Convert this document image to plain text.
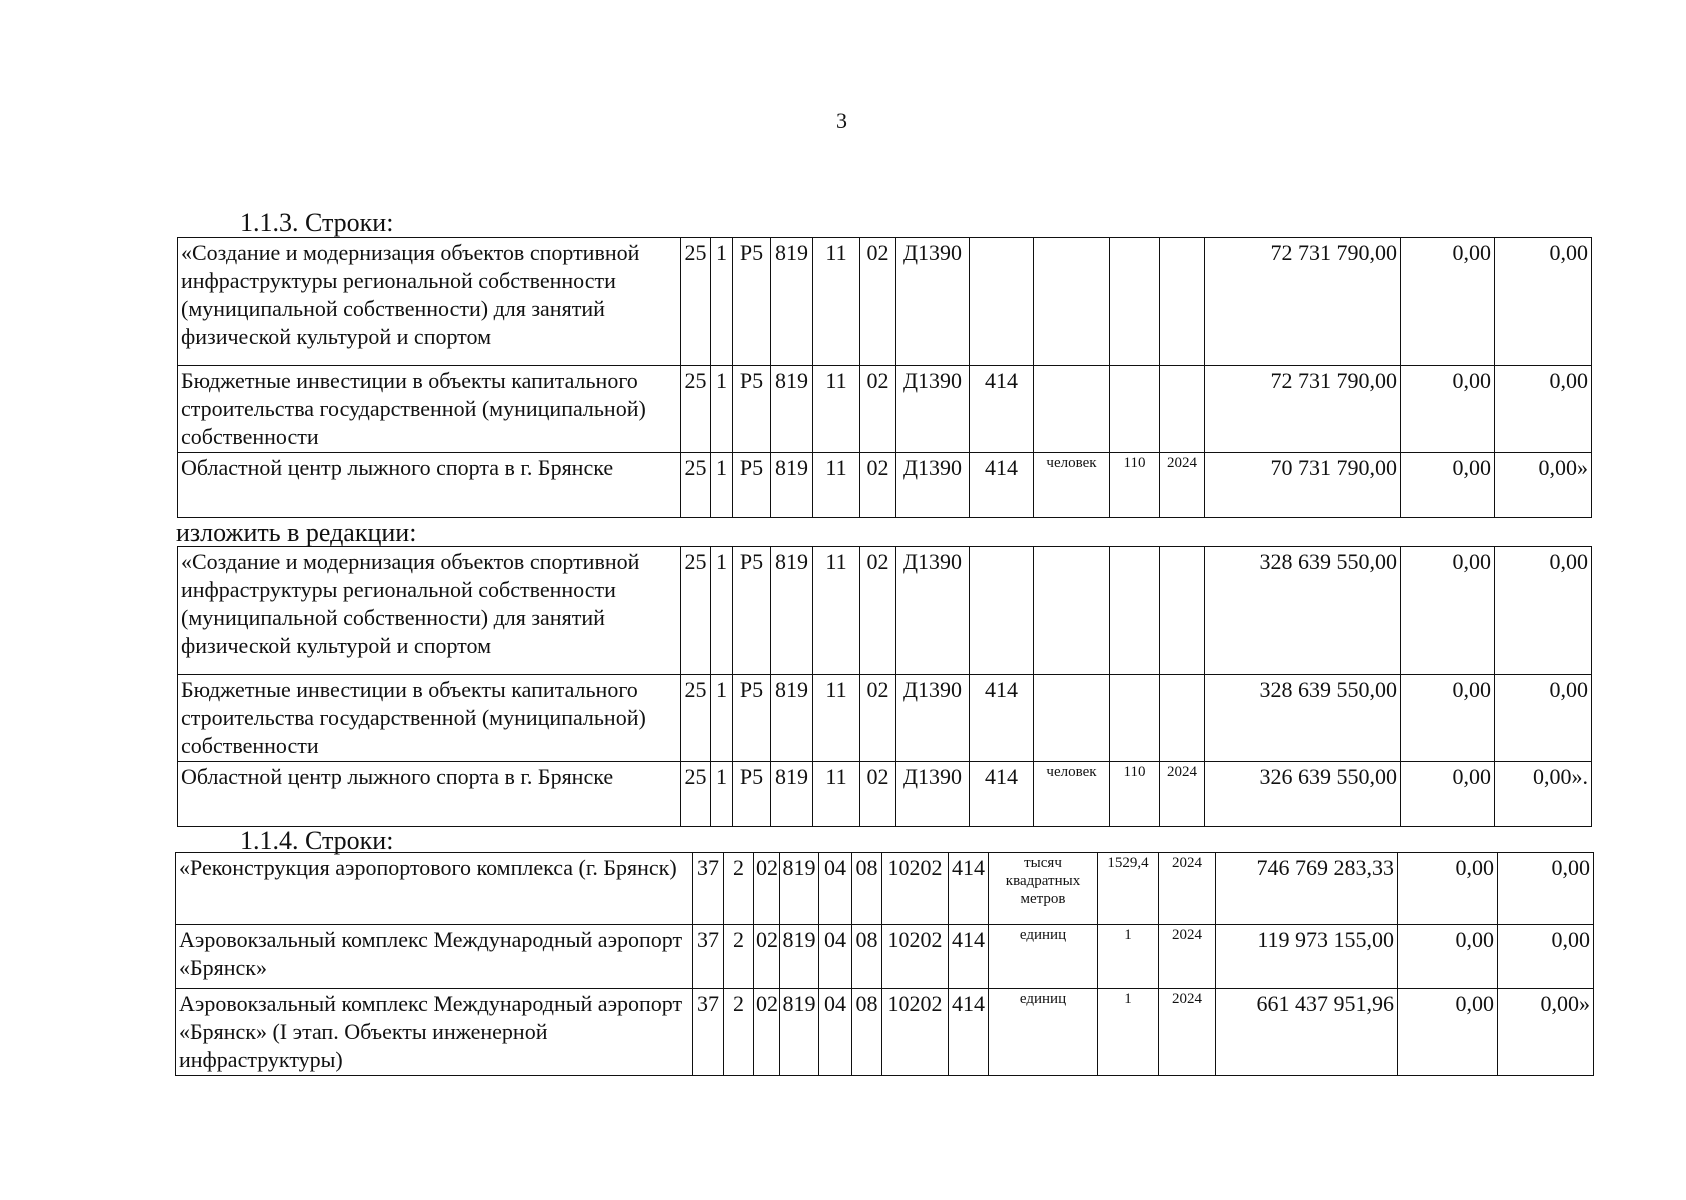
3
1.1.3. Строки:
«Создание и модернизация объектов спортивной инфраструктуры региональной собственности (муниципальной собственности) для занятий физической культурой и спортом	25	1	Р5	819	11	02	Д1390					72 731 790,00	0,00	0,00
Бюджетные инвестиции в объекты капитального строительства государственной (муниципальной) собственности	25	1	Р5	819	11	02	Д1390	414				72 731 790,00	0,00	0,00
Областной центр лыжного спорта в г. Брянске	25	1	Р5	819	11	02	Д1390	414	человек	110	2024	70 731 790,00	0,00	0,00»
изложить в редакции:
«Создание и модернизация объектов спортивной инфраструктуры региональной собственности (муниципальной собственности) для занятий физической культурой и спортом	25	1	Р5	819	11	02	Д1390					328 639 550,00	0,00	0,00
Бюджетные инвестиции в объекты капитального строительства государственной (муниципальной) собственности	25	1	Р5	819	11	02	Д1390	414				328 639 550,00	0,00	0,00
Областной центр лыжного спорта в г. Брянске	25	1	Р5	819	11	02	Д1390	414	человек	110	2024	326 639 550,00	0,00	0,00».
1.1.4. Строки:
«Реконструкция аэропортового комплекса (г. Брянск)	37	2	02	819	04	08	10202	414	тысяч квадратных метров	1529,4	2024	746 769 283,33	0,00	0,00
Аэровокзальный комплекс Международный аэропорт «Брянск»	37	2	02	819	04	08	10202	414	единиц	1	2024	119 973 155,00	0,00	0,00
Аэровокзальный комплекс Международный аэропорт «Брянск» (I этап. Объекты инженерной инфраструктуры)	37	2	02	819	04	08	10202	414	единиц	1	2024	661 437 951,96	0,00	0,00»
